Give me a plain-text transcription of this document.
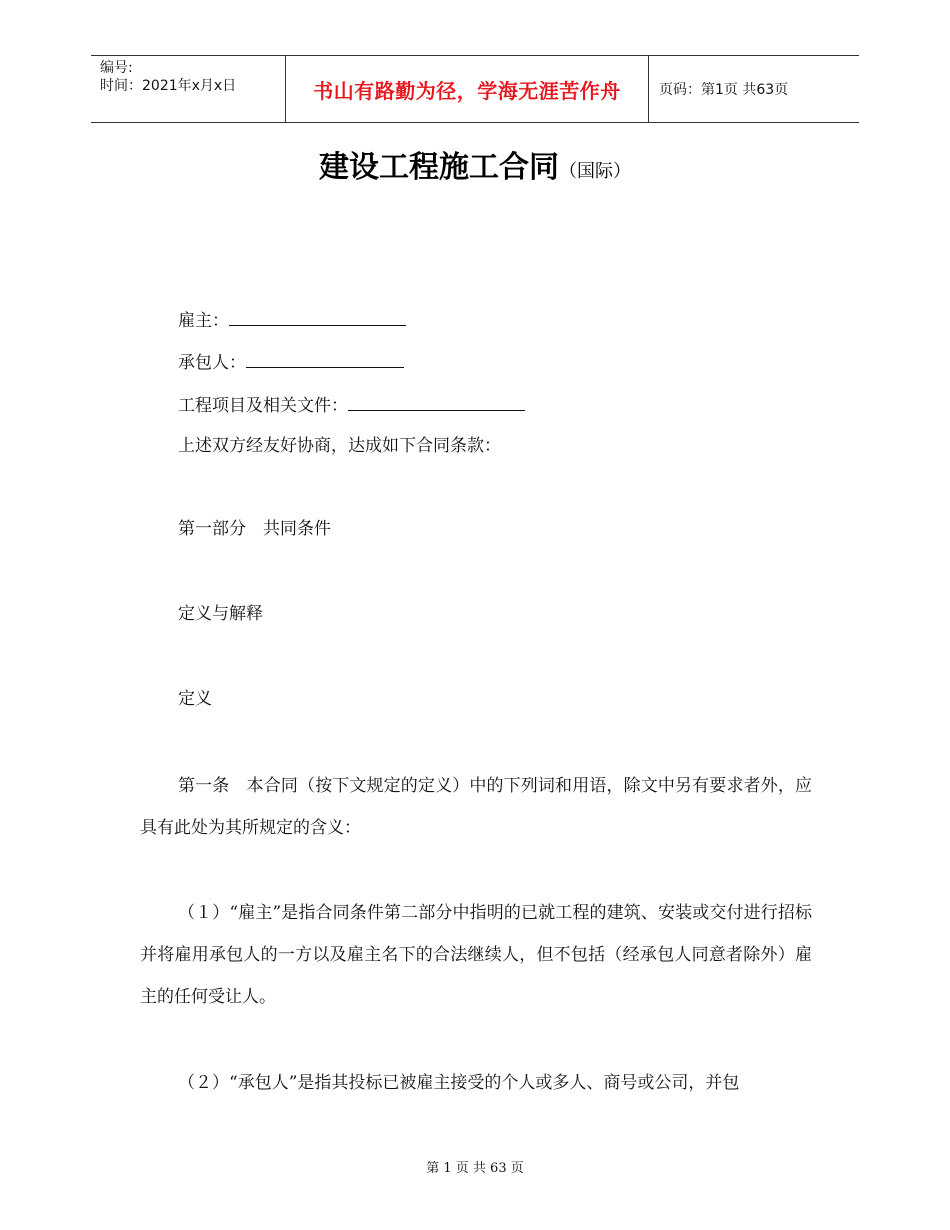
编号:
时间：2021年x月x日	书山有路勤为径，学海无涯苦作舟	页码：第1页 共63页
建设工程施工合同（国际）
雇主：
承包人：
工程项目及相关文件：
上述双方经友好协商，达成如下合同条款：
第一部分　共同条件
定义与解释
定义
第一条　本合同（按下文规定的定义）中的下列词和用语，除文中另有要求者外，应具有此处为其所规定的含义：
（１）“雇主”是指合同条件第二部分中指明的已就工程的建筑、安装或交付进行招标并将雇用承包人的一方以及雇主名下的合法继续人，但不包括（经承包人同意者除外）雇主的任何受让人。
（２）“承包人”是指其投标已被雇主接受的个人或多人、商号或公司，并包
第 1 页 共 63 页
